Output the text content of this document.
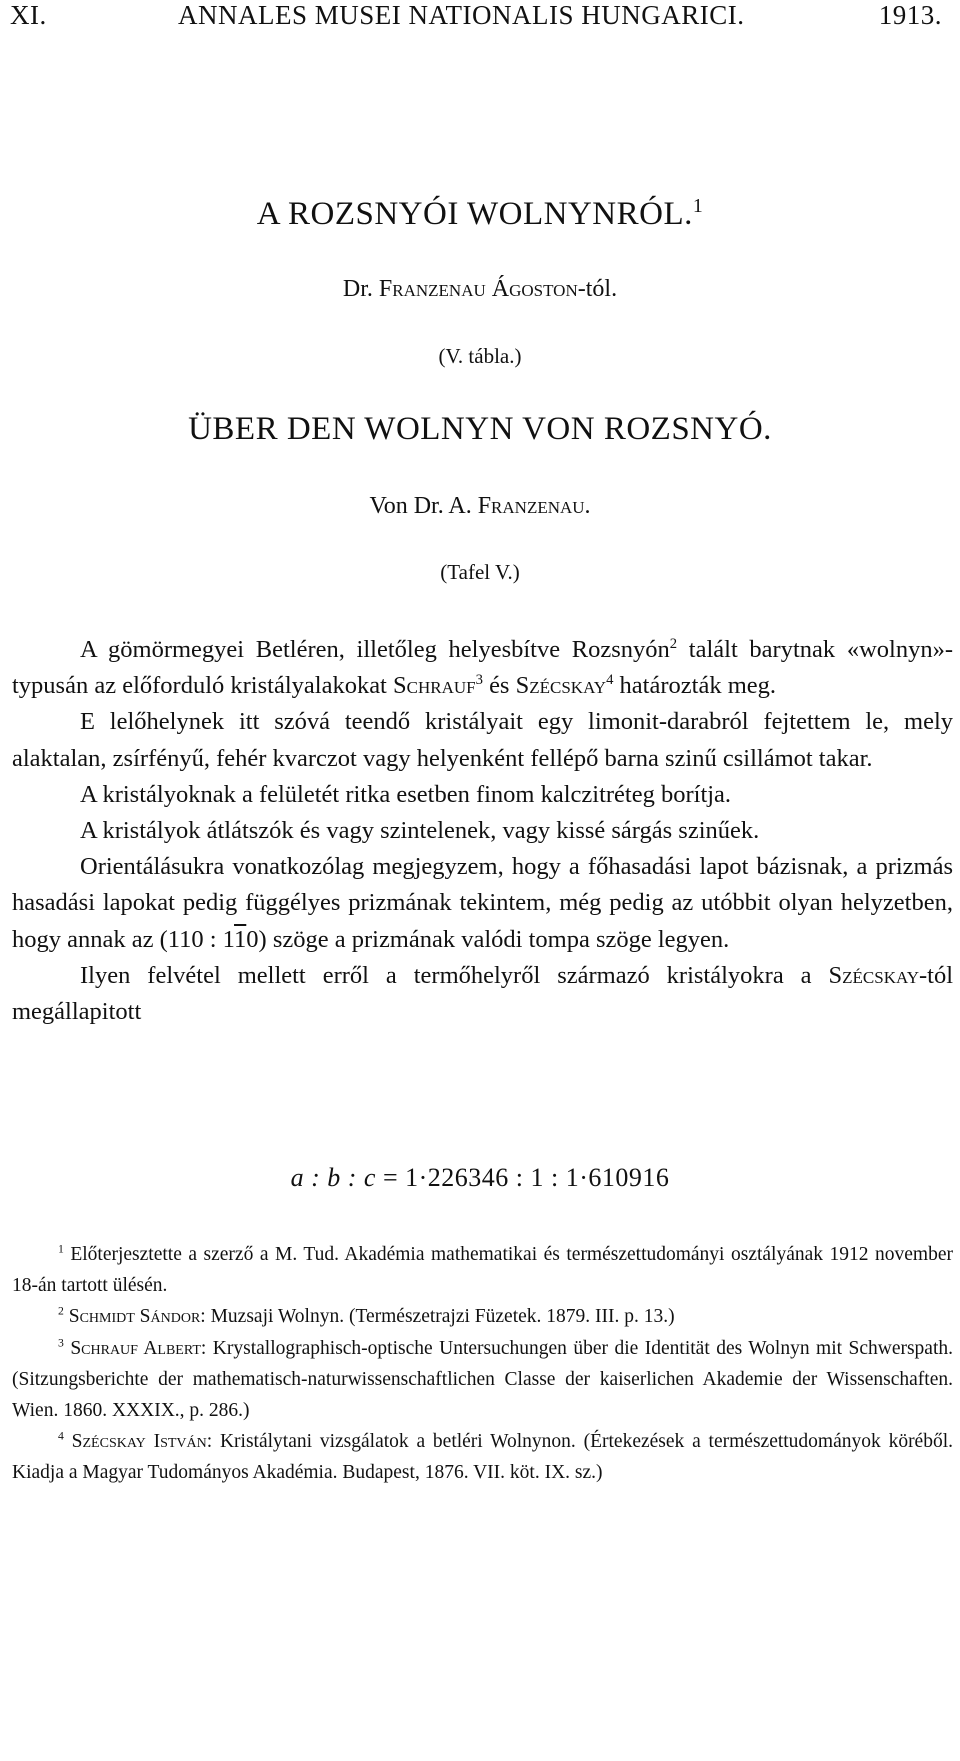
XI.	ANNALES MUSEI NATIONALIS HUNGARICI.	1913.
A ROZSNYÓI WOLNYNRÓL.$^1$
Dr. Franzenau Ágoston-tól.
(V. tábla.)
ÜBER DEN WOLNYN VON ROZSNYÓ.
Von Dr. A. Franzenau.
(Tafel V.)

A gömörmegyei Betléren, illetőleg helyesbítve Rozsnyón$^2$ talált barytnak «wolnyn»-typusán az előforduló kristályalakokat Schrauf$^3$ és Szécskay$^4$ határozták meg.

E lelőhelynek itt szóvá teendő kristályait egy limonit-darabról fejtettem le, mely alaktalan, zsírfényű, fehér kvarczot vagy helyenként fellépő barna szinű csillámot takar.

A kristályoknak a felületét ritka esetben finom kalczitréteg borítja.

A kristályok átlátszók és vagy szintelenek, vagy kissé sárgás szinűek.

Orientálásukra vonatkozólag megjegyzem, hogy a főhasadási lapot bázisnak, a prizmás hasadási lapokat pedig függélyes prizmának tekintem, még pedig az utóbbit olyan helyzetben, hogy annak az (110 : 110) szöge a prizmának valódi tompa szöge legyen.

Ilyen felvétel mellett erről a termőhelyről származó kristályokra a Szécskay-tól megállapitott

a : b : c = 1·226346 : 1 : 1·610916

$^1$ Előterjesztette a szerző a M. Tud. Akadémia mathematikai és természettudományi osztályának 1912 november 18-án tartott ülésén.

$^2$ Schmidt Sándor: Muzsaji Wolnyn. (Természetrajzi Füzetek. 1879. III. p. 13.)

$^3$ Schrauf Albert: Krystallographisch-optische Untersuchungen über die Identität des Wolnyn mit Schwerspath. (Sitzungsberichte der mathematisch-naturwissenschaftlichen Classe der kaiserlichen Akademie der Wissenschaften. Wien. 1860. XXXIX., p. 286.)

$^4$ Szécskay István: Kristálytani vizsgálatok a betléri Wolnynon. (Értekezések a természettudományok köréből. Kiadja a Magyar Tudományos Akadémia. Budapest, 1876. VII. köt. IX. sz.)
